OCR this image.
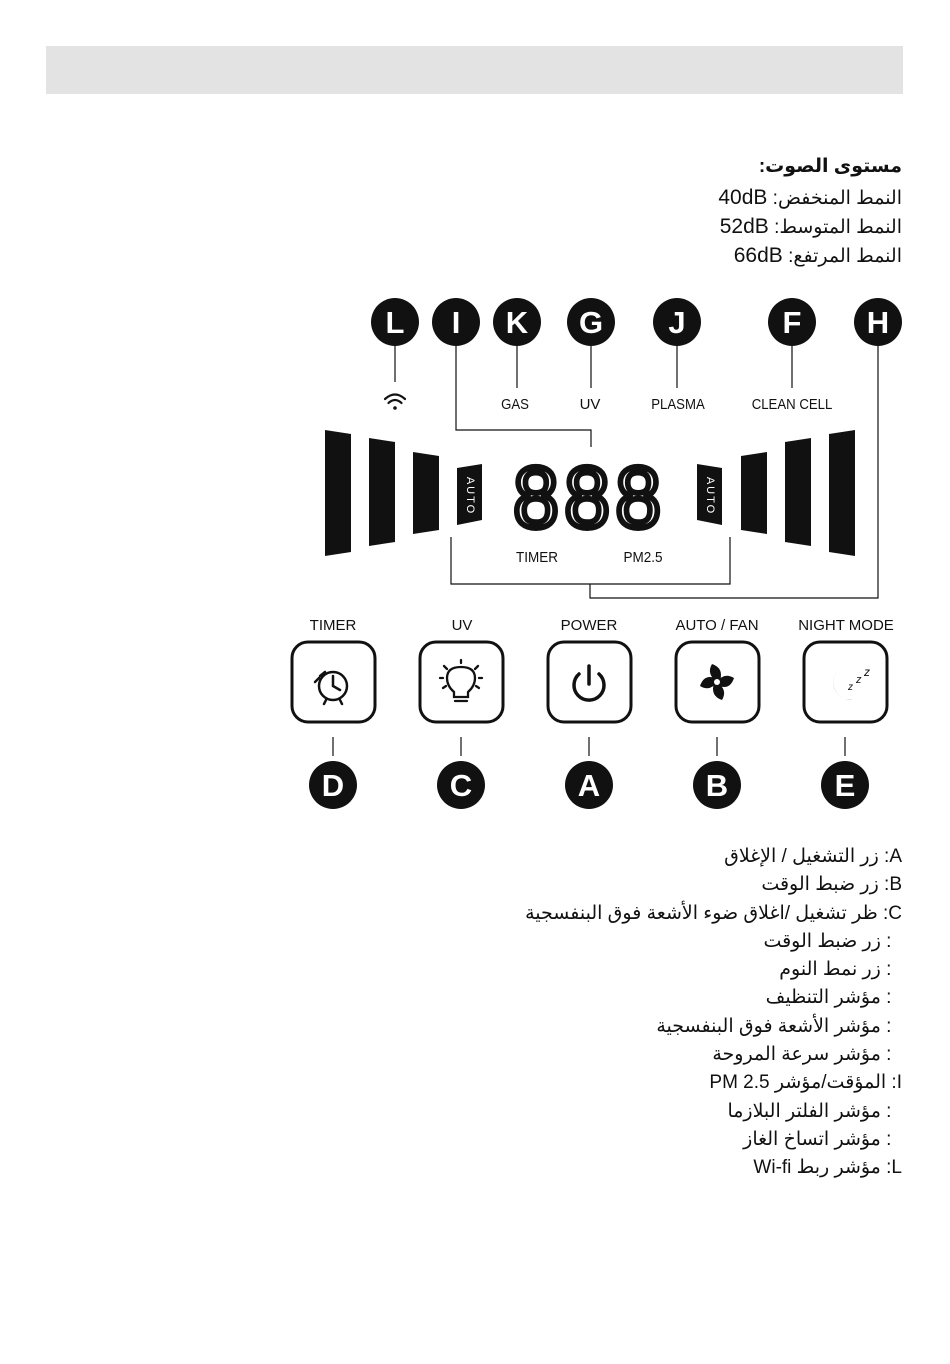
مستوى الصوت:
النمط المنخفض: 40dB
النمط المتوسط: 52dB
النمط المرتفع: 66dB
L I K G J	F H
GAS	UV	PLASMA	CLEAN CELL
AUTO	AUTO
888
TIMER	PM2.5
TIMER	UV	POWER	AUTO / FAN	NIGHT MODE
z
z
z
D	C	A	B	E
زر التشغيل / الإغلاق :A
زر ضبط الوقت :B
ظر تشغيل /اغلاق ضوء الأشعة فوق البنفسجية :C
زر ضبط الوقت :
زر نمط النوم :
مؤشر التنظيف :
مؤشر الأشعة فوق البنفسجية :
مؤشر سرعة المروحة :
المؤقت/مؤشر PM 2.5 :I
مؤشر الفلتر البلازما :
مؤشر اتساخ الغاز :
مؤشر ربط Wi-fi :L
